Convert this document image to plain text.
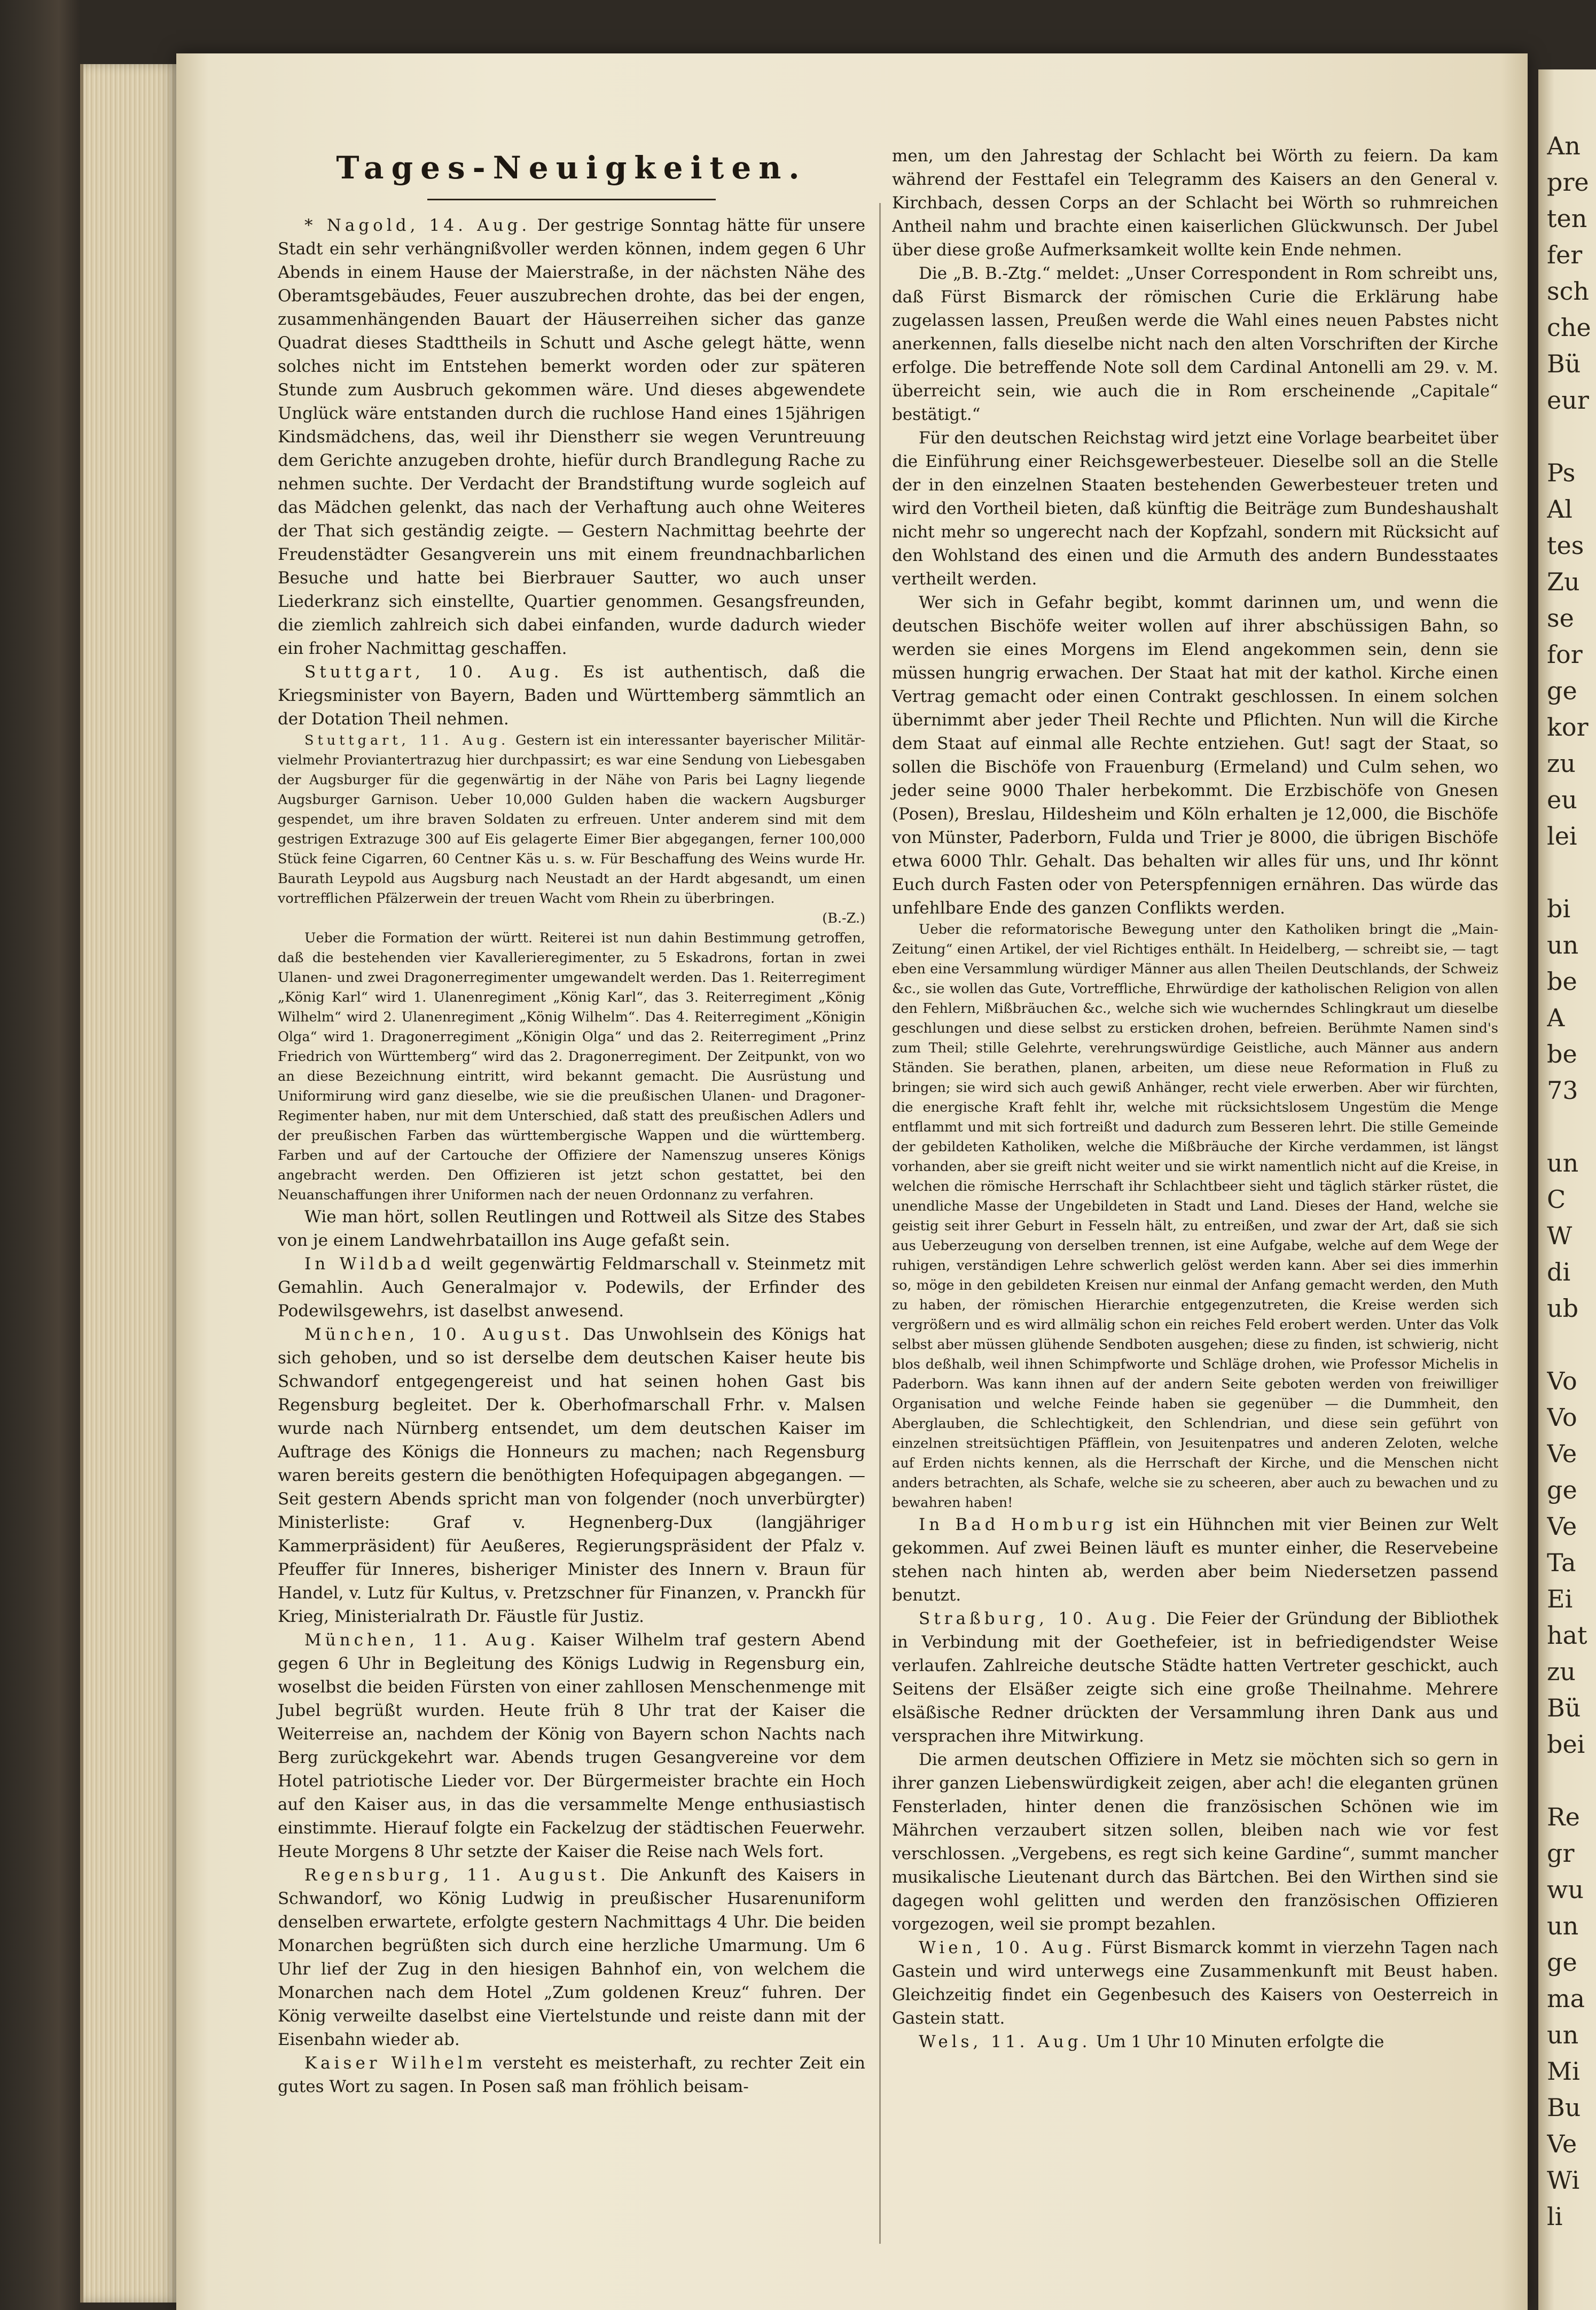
Tages-Neuigkeiten.

* Nagold, 14. Aug. Der gestrige Sonntag hätte für unsere Stadt ein sehr verhängnißvoller werden können, indem gegen 6 Uhr Abends in einem Hause der Maierstraße, in der nächsten Nähe des Oberamtsgebäudes, Feuer auszubrechen drohte, das bei der engen, zusammenhängenden Bauart der Häuserreihen sicher das ganze Quadrat dieses Stadttheils in Schutt und Asche gelegt hätte, wenn solches nicht im Entstehen bemerkt worden oder zur späteren Stunde zum Ausbruch gekommen wäre. Und dieses abgewendete Unglück wäre entstanden durch die ruchlose Hand eines 15jährigen Kindsmädchens, das, weil ihr Dienstherr sie wegen Veruntreuung dem Gerichte anzugeben drohte, hiefür durch Brandlegung Rache zu nehmen suchte. Der Verdacht der Brandstiftung wurde sogleich auf das Mädchen gelenkt, das nach der Verhaftung auch ohne Weiteres der That sich geständig zeigte. — Gestern Nachmittag beehrte der Freudenstädter Gesangverein uns mit einem freundnachbarlichen Besuche und hatte bei Bierbrauer Sautter, wo auch unser Liederkranz sich einstellte, Quartier genommen. Gesangsfreunden, die ziemlich zahlreich sich dabei einfanden, wurde dadurch wieder ein froher Nachmittag geschaffen.

Stuttgart, 10. Aug. Es ist authentisch, daß die Kriegsminister von Bayern, Baden und Württemberg sämmtlich an der Dotation Theil nehmen.

Stuttgart, 11. Aug. Gestern ist ein interessanter bayerischer Militär- vielmehr Proviantertrazug hier durchpassirt; es war eine Sendung von Liebesgaben der Augsburger für die gegenwärtig in der Nähe von Paris bei Lagny liegende Augsburger Garnison. Ueber 10,000 Gulden haben die wackern Augsburger gespendet, um ihre braven Soldaten zu erfreuen. Unter anderem sind mit dem gestrigen Extrazuge 300 auf Eis gelagerte Eimer Bier abgegangen, ferner 100,000 Stück feine Cigarren, 60 Centner Käs u. s. w. Für Beschaffung des Weins wurde Hr. Baurath Leypold aus Augsburg nach Neustadt an der Hardt abgesandt, um einen vortrefflichen Pfälzerwein der treuen Wacht vom Rhein zu überbringen.
(B.-Z.)

Ueber die Formation der württ. Reiterei ist nun dahin Bestimmung getroffen, daß die bestehenden vier Kavallerieregimenter, zu 5 Eskadrons, fortan in zwei Ulanen- und zwei Dragonerregimenter umgewandelt werden. Das 1. Reiterregiment „König Karl“ wird 1. Ulanenregiment „König Karl“, das 3. Reiterregiment „König Wilhelm“ wird 2. Ulanenregiment „König Wilhelm“. Das 4. Reiterregiment „Königin Olga“ wird 1. Dragonerregiment „Königin Olga“ und das 2. Reiterregiment „Prinz Friedrich von Württemberg“ wird das 2. Dragonerregiment. Der Zeitpunkt, von wo an diese Bezeichnung eintritt, wird bekannt gemacht. Die Ausrüstung und Uniformirung wird ganz dieselbe, wie sie die preußischen Ulanen- und Dragoner-Regimenter haben, nur mit dem Unterschied, daß statt des preußischen Adlers und der preußischen Farben das württembergische Wappen und die württemberg. Farben und auf der Cartouche der Offiziere der Namenszug unseres Königs angebracht werden. Den Offizieren ist jetzt schon gestattet, bei den Neuanschaffungen ihrer Uniformen nach der neuen Ordonnanz zu verfahren.

Wie man hört, sollen Reutlingen und Rottweil als Sitze des Stabes von je einem Landwehrbataillon ins Auge gefaßt sein.

In Wildbad weilt gegenwärtig Feldmarschall v. Steinmetz mit Gemahlin. Auch Generalmajor v. Podewils, der Erfinder des Podewilsgewehrs, ist daselbst anwesend.

München, 10. August. Das Unwohlsein des Königs hat sich gehoben, und so ist derselbe dem deutschen Kaiser heute bis Schwandorf entgegengereist und hat seinen hohen Gast bis Regensburg begleitet. Der k. Oberhofmarschall Frhr. v. Malsen wurde nach Nürnberg entsendet, um dem deutschen Kaiser im Auftrage des Königs die Honneurs zu machen; nach Regensburg waren bereits gestern die benöthigten Hofequipagen abgegangen. — Seit gestern Abends spricht man von folgender (noch unverbürgter) Ministerliste: Graf v. Hegnenberg-Dux (langjähriger Kammerpräsident) für Aeußeres, Regierungspräsident der Pfalz v. Pfeuffer für Inneres, bisheriger Minister des Innern v. Braun für Handel, v. Lutz für Kultus, v. Pretzschner für Finanzen, v. Pranckh für Krieg, Ministerialrath Dr. Fäustle für Justiz.

München, 11. Aug. Kaiser Wilhelm traf gestern Abend gegen 6 Uhr in Begleitung des Königs Ludwig in Regensburg ein, woselbst die beiden Fürsten von einer zahllosen Menschenmenge mit Jubel begrüßt wurden. Heute früh 8 Uhr trat der Kaiser die Weiterreise an, nachdem der König von Bayern schon Nachts nach Berg zurückgekehrt war. Abends trugen Gesangvereine vor dem Hotel patriotische Lieder vor. Der Bürgermeister brachte ein Hoch auf den Kaiser aus, in das die versammelte Menge enthusiastisch einstimmte. Hierauf folgte ein Fackelzug der städtischen Feuerwehr. Heute Morgens 8 Uhr setzte der Kaiser die Reise nach Wels fort.

Regensburg, 11. August. Die Ankunft des Kaisers in Schwandorf, wo König Ludwig in preußischer Husarenuniform denselben erwartete, erfolgte gestern Nachmittags 4 Uhr. Die beiden Monarchen begrüßten sich durch eine herzliche Umarmung. Um 6 Uhr lief der Zug in den hiesigen Bahnhof ein, von welchem die Monarchen nach dem Hotel „Zum goldenen Kreuz“ fuhren. Der König verweilte daselbst eine Viertelstunde und reiste dann mit der Eisenbahn wieder ab.

Kaiser Wilhelm versteht es meisterhaft, zu rechter Zeit ein gutes Wort zu sagen. In Posen saß man fröhlich beisam-

men, um den Jahrestag der Schlacht bei Wörth zu feiern. Da kam während der Festtafel ein Telegramm des Kaisers an den General v. Kirchbach, dessen Corps an der Schlacht bei Wörth so ruhmreichen Antheil nahm und brachte einen kaiserlichen Glückwunsch. Der Jubel über diese große Aufmerksamkeit wollte kein Ende nehmen.

Die „B. B.-Ztg.“ meldet: „Unser Correspondent in Rom schreibt uns, daß Fürst Bismarck der römischen Curie die Erklärung habe zugelassen lassen, Preußen werde die Wahl eines neuen Pabstes nicht anerkennen, falls dieselbe nicht nach den alten Vorschriften der Kirche erfolge. Die betreffende Note soll dem Cardinal Antonelli am 29. v. M. überreicht sein, wie auch die in Rom erscheinende „Capitale“ bestätigt.“

Für den deutschen Reichstag wird jetzt eine Vorlage bearbeitet über die Einführung einer Reichsgewerbesteuer. Dieselbe soll an die Stelle der in den einzelnen Staaten bestehenden Gewerbesteuer treten und wird den Vortheil bieten, daß künftig die Beiträge zum Bundeshaushalt nicht mehr so ungerecht nach der Kopfzahl, sondern mit Rücksicht auf den Wohlstand des einen und die Armuth des andern Bundesstaates vertheilt werden.

Wer sich in Gefahr begibt, kommt darinnen um, und wenn die deutschen Bischöfe weiter wollen auf ihrer abschüssigen Bahn, so werden sie eines Morgens im Elend angekommen sein, denn sie müssen hungrig erwachen. Der Staat hat mit der kathol. Kirche einen Vertrag gemacht oder einen Contrakt geschlossen. In einem solchen übernimmt aber jeder Theil Rechte und Pflichten. Nun will die Kirche dem Staat auf einmal alle Rechte entziehen. Gut! sagt der Staat, so sollen die Bischöfe von Frauenburg (Ermeland) und Culm sehen, wo jeder seine 9000 Thaler herbekommt. Die Erzbischöfe von Gnesen (Posen), Breslau, Hildesheim und Köln erhalten je 12,000, die Bischöfe von Münster, Paderborn, Fulda und Trier je 8000, die übrigen Bischöfe etwa 6000 Thlr. Gehalt. Das behalten wir alles für uns, und Ihr könnt Euch durch Fasten oder von Peterspfennigen ernähren. Das würde das unfehlbare Ende des ganzen Conflikts werden.

Ueber die reformatorische Bewegung unter den Katholiken bringt die „Main-Zeitung“ einen Artikel, der viel Richtiges enthält. In Heidelberg, — schreibt sie, — tagt eben eine Versammlung würdiger Männer aus allen Theilen Deutschlands, der Schweiz &c., sie wollen das Gute, Vortreffliche, Ehrwürdige der katholischen Religion von allen den Fehlern, Mißbräuchen &c., welche sich wie wucherndes Schlingkraut um dieselbe geschlungen und diese selbst zu ersticken drohen, befreien. Berühmte Namen sind's zum Theil; stille Gelehrte, verehrungswürdige Geistliche, auch Männer aus andern Ständen. Sie berathen, planen, arbeiten, um diese neue Reformation in Fluß zu bringen; sie wird sich auch gewiß Anhänger, recht viele erwerben. Aber wir fürchten, die energische Kraft fehlt ihr, welche mit rücksichtslosem Ungestüm die Menge entflammt und mit sich fortreißt und dadurch zum Besseren lehrt. Die stille Gemeinde der gebildeten Katholiken, welche die Mißbräuche der Kirche verdammen, ist längst vorhanden, aber sie greift nicht weiter und sie wirkt namentlich nicht auf die Kreise, in welchen die römische Herrschaft ihr Schlachtbeer sieht und täglich stärker rüstet, die unendliche Masse der Ungebildeten in Stadt und Land. Dieses der Hand, welche sie geistig seit ihrer Geburt in Fesseln hält, zu entreißen, und zwar der Art, daß sie sich aus Ueberzeugung von derselben trennen, ist eine Aufgabe, welche auf dem Wege der ruhigen, verständigen Lehre schwerlich gelöst werden kann. Aber sei dies immerhin so, möge in den gebildeten Kreisen nur einmal der Anfang gemacht werden, den Muth zu haben, der römischen Hierarchie entgegenzutreten, die Kreise werden sich vergrößern und es wird allmälig schon ein reiches Feld erobert werden. Unter das Volk selbst aber müssen glühende Sendboten ausgehen; diese zu finden, ist schwierig, nicht blos deßhalb, weil ihnen Schimpfworte und Schläge drohen, wie Professor Michelis in Paderborn. Was kann ihnen auf der andern Seite geboten werden von freiwilliger Organisation und welche Feinde haben sie gegenüber — die Dummheit, den Aberglauben, die Schlechtigkeit, den Schlendrian, und diese sein geführt von einzelnen streitsüchtigen Pfäfflein, von Jesuitenpatres und anderen Zeloten, welche auf Erden nichts kennen, als die Herrschaft der Kirche, und die Menschen nicht anders betrachten, als Schafe, welche sie zu scheeren, aber auch zu bewachen und zu bewahren haben!

In Bad Homburg ist ein Hühnchen mit vier Beinen zur Welt gekommen. Auf zwei Beinen läuft es munter einher, die Reservebeine stehen nach hinten ab, werden aber beim Niedersetzen passend benutzt.

Straßburg, 10. Aug. Die Feier der Gründung der Bibliothek in Verbindung mit der Goethefeier, ist in befriedigendster Weise verlaufen. Zahlreiche deutsche Städte hatten Vertreter geschickt, auch Seitens der Elsäßer zeigte sich eine große Theilnahme. Mehrere elsäßische Redner drückten der Versammlung ihren Dank aus und versprachen ihre Mitwirkung.

Die armen deutschen Offiziere in Metz sie möchten sich so gern in ihrer ganzen Liebenswürdigkeit zeigen, aber ach! die eleganten grünen Fensterladen, hinter denen die französischen Schönen wie im Mährchen verzaubert sitzen sollen, bleiben nach wie vor fest verschlossen. „Vergebens, es regt sich keine Gardine“, summt mancher musikalische Lieutenant durch das Bärtchen. Bei den Wirthen sind sie dagegen wohl gelitten und werden den französischen Offizieren vorgezogen, weil sie prompt bezahlen.

Wien, 10. Aug. Fürst Bismarck kommt in vierzehn Tagen nach Gastein und wird unterwegs eine Zusammenkunft mit Beust haben. Gleichzeitig findet ein Gegenbesuch des Kaisers von Oesterreich in Gastein statt.

Wels, 11. Aug. Um 1 Uhr 10 Minuten erfolgte die

An
pre
ten
fer
sch
che
Bü
eur
Ps
Al
tes
Zu
se
for
ge
kor
zu
eu
lei
bi
un
be
A
be
73
un
C
W
di
ub
Vo
Vo
Ve
ge
Ve
Ta
Ei
hat
zu
Bü
bei
Re
gr
wu
un
ge
ma
un
Mi
Bu
Ve
Wi
li
